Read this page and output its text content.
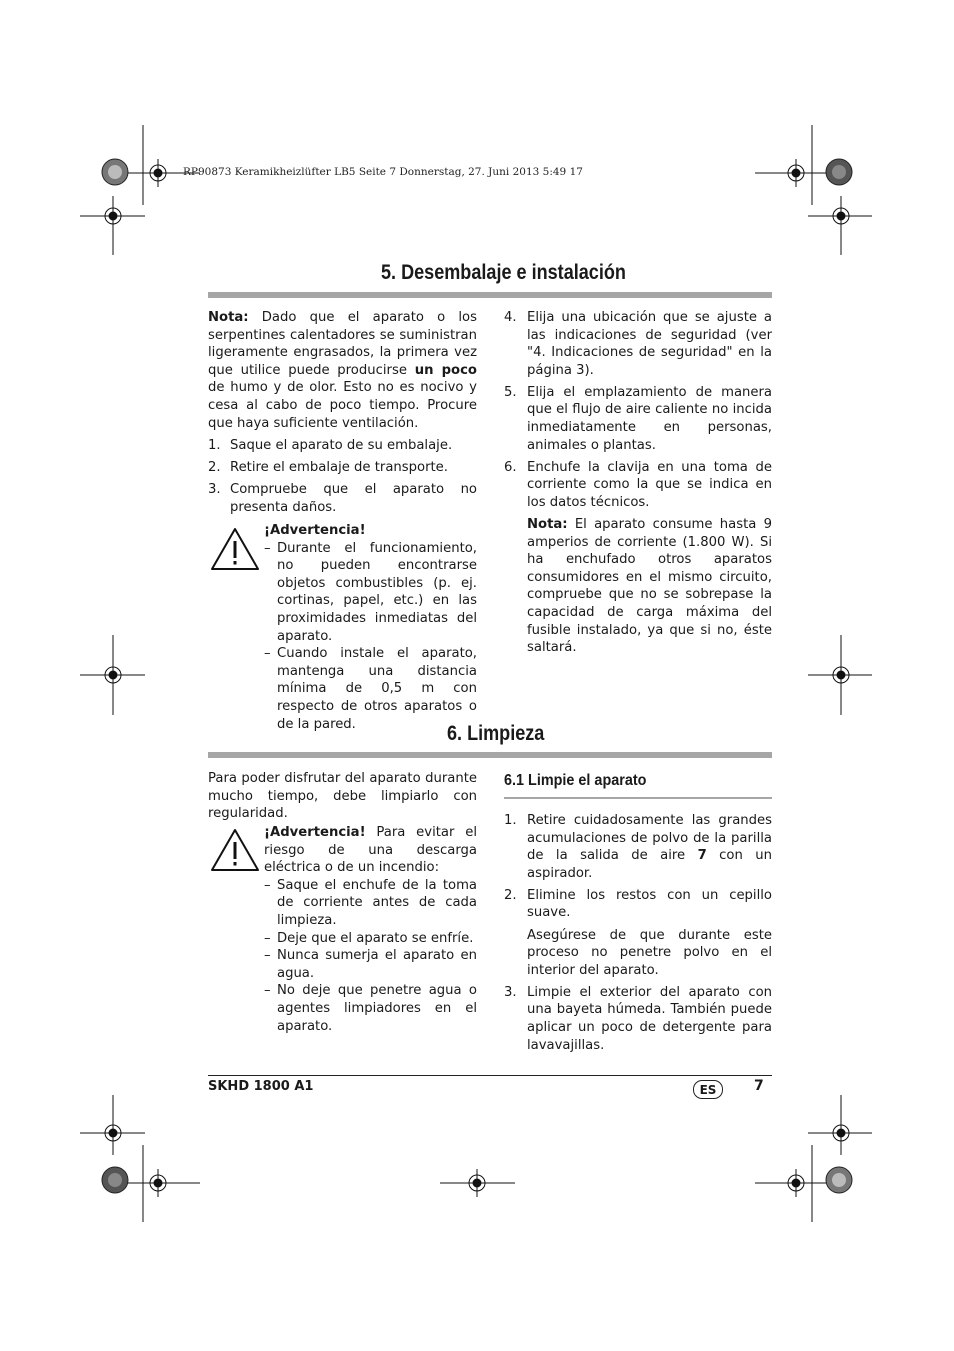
RP90873 Keramikheizlüfter LB5 Seite 7 Donnerstag, 27. Juni 2013 5:49 17
5. Desembalaje e instalación
Nota: Dado que el aparato o los serpentines calentadores se suministran ligeramente engrasados, la primera vez que utilice puede producirse un poco de humo y de olor. Esto no es nocivo y cesa al cabo de poco tiempo. Procure que haya suficiente ventilación.
1. Saque el aparato de su embalaje.
2. Retire el embalaje de transporte.
3. Compruebe que el aparato no presenta daños.
¡Advertencia!
– Durante el funcionamiento, no pueden encontrarse objetos combustibles (p. ej. cortinas, papel, etc.) en las proximidades inmediatas del aparato.
– Cuando instale el aparato, mantenga una distancia mínima de 0,5 m con respecto de otros aparatos o de la pared.
4. Elija una ubicación que se ajuste a las indicaciones de seguridad (ver "4. Indicaciones de seguridad" en la página 3).
5. Elija el emplazamiento de manera que el flujo de aire caliente no incida inmediatamente en personas, animales o plantas.
6. Enchufe la clavija en una toma de corriente como la que se indica en los datos técnicos.
Nota: El aparato consume hasta 9 amperios de corriente (1.800 W). Si ha enchufado otros aparatos consumidores en el mismo circuito, compruebe que no se sobrepase la capacidad de carga máxima del fusible instalado, ya que si no, éste saltará.
6. Limpieza
Para poder disfrutar del aparato durante mucho tiempo, debe limpiarlo con regularidad.
¡Advertencia! Para evitar el riesgo de una descarga eléctrica o de un incendio:
– Saque el enchufe de la toma de corriente antes de cada limpieza.
– Deje que el aparato se enfríe.
– Nunca sumerja el aparato en agua.
– No deje que penetre agua o agentes limpiadores en el aparato.
6.1 Limpie el aparato
1. Retire cuidadosamente las grandes acumulaciones de polvo de la parilla de la salida de aire 7 con un aspirador.
2. Elimine los restos con un cepillo suave.
Asegúrese de que durante este proceso no penetre polvo en el interior del aparato.
3. Limpie el exterior del aparato con una bayeta húmeda. También puede aplicar un poco de detergente para lavavajillas.
SKHD 1800 A1	ES	7
